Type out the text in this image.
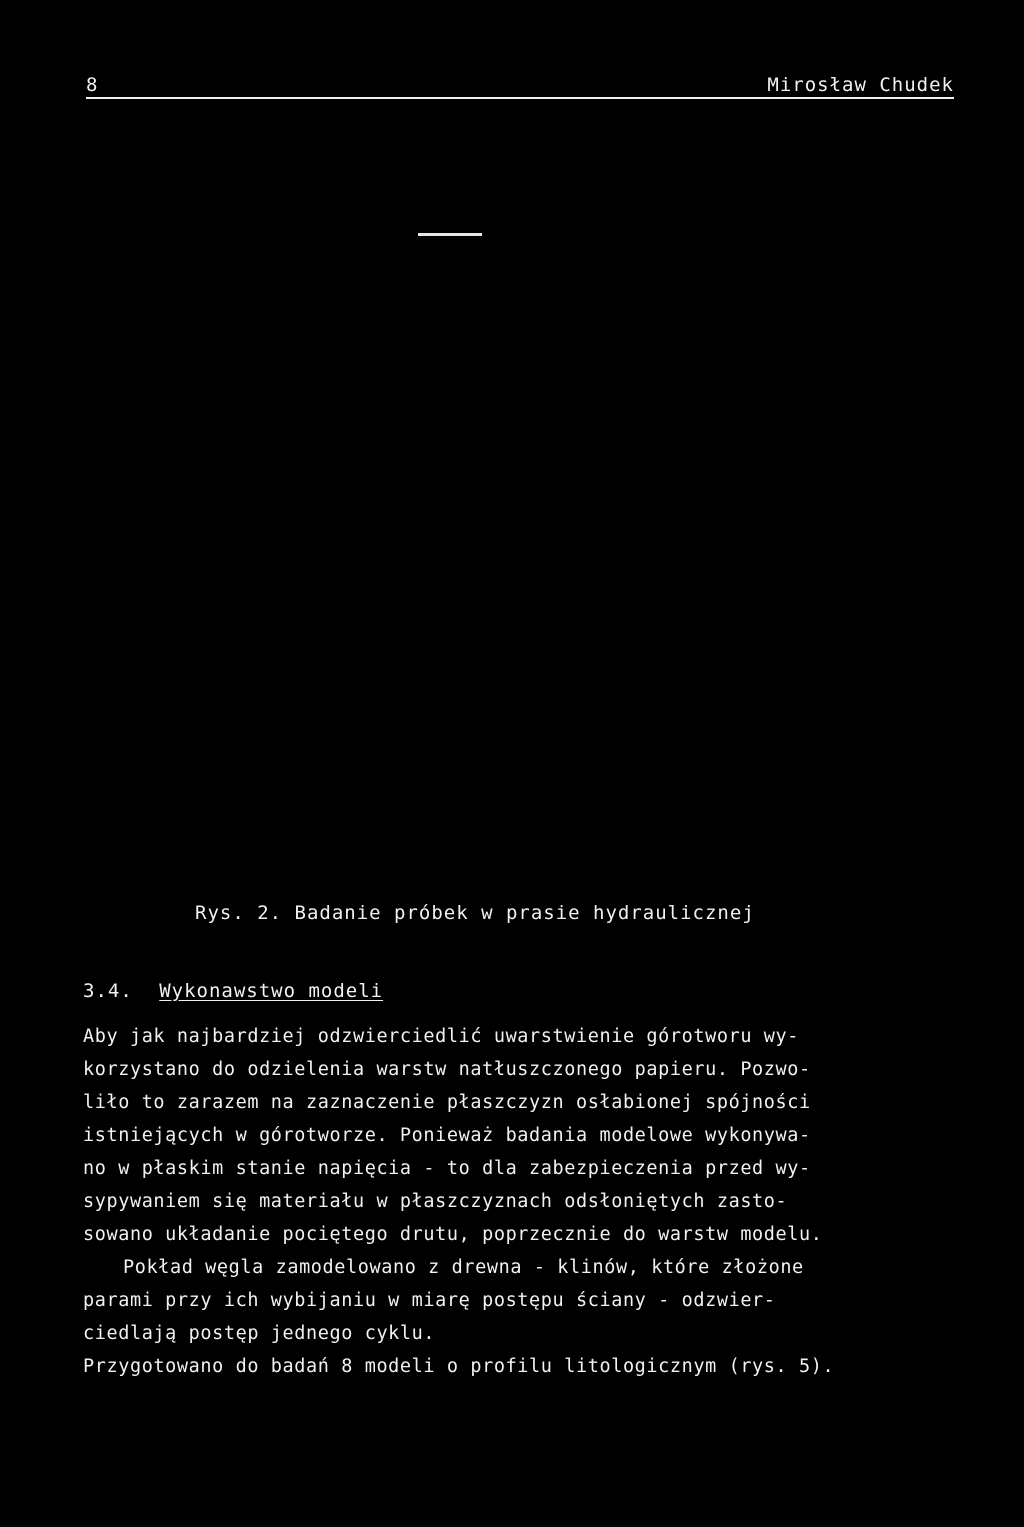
8	Mirosław Chudek
Rys. 2. Badanie próbek w prasie hydraulicznej
3.4. Wykonawstwo modeli
Aby jak najbardziej odzwierciedlić uwarstwienie górotworu wy-
korzystano do odzielenia warstw natłuszczonego papieru. Pozwo-
liło to zarazem na zaznaczenie płaszczyzn osłabionej spójności
istniejących w górotworze. Ponieważ badania modelowe wykonywa-
no w płaskim stanie napięcia - to dla zabezpieczenia przed wy-
sypywaniem się materiału w płaszczyznach odsłoniętych zasto-
sowano układanie pociętego drutu, poprzecznie do warstw modelu.
Pokład węgla zamodelowano z drewna - klinów, które złożone
parami przy ich wybijaniu w miarę postępu ściany - odzwier-
ciedlają postęp jednego cyklu.
Przygotowano do badań 8 modeli o profilu litologicznym (rys. 5).
